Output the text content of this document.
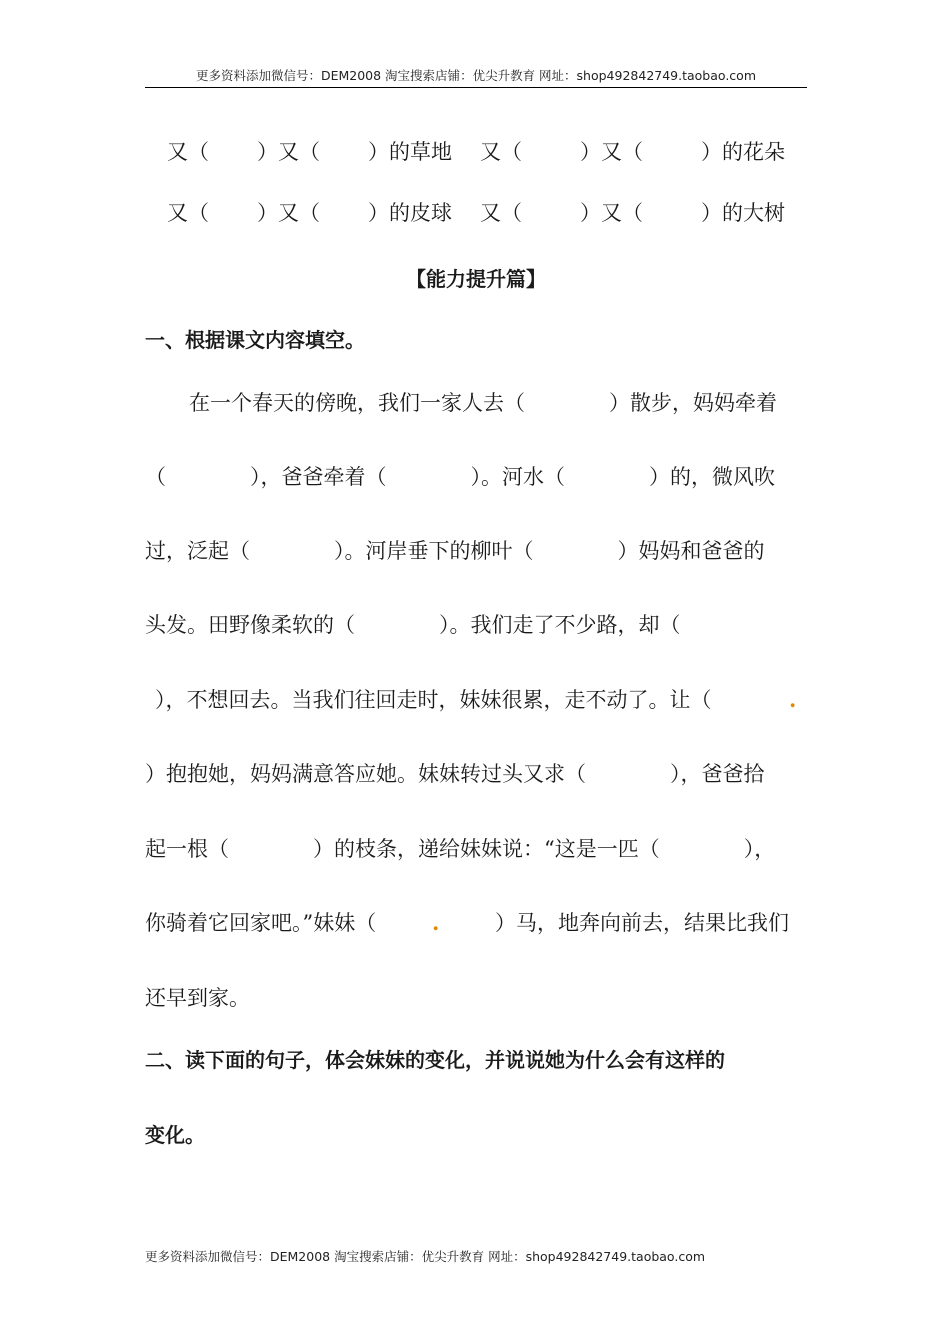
更多资料添加微信号：DEM2008 淘宝搜索店铺：优尖升教育 网址：shop492842749.taobao.com
又（ ）又（ ）的草地 又（	）又（	）的花朵
又（ ）又（ ）的皮球 又（	）又（	）的大树
【能力提升篇】
一、根据课文内容填空。
在一个春天的傍晚，我们一家人去（　　　　）散步，妈妈牵着
（　　　　），爸爸牵着（　　　　）。河水（　　　　）的，微风吹
过，泛起（　　　　）。河岸垂下的柳叶（　　　　）妈妈和爸爸的
头发。田野像柔软的（　　　　）。我们走了不少路，却（
），不想回去。当我们往回走时，妹妹很累，走不动了。让（	.
）抱抱她，妈妈满意答应她。妹妹转过头又求（　　　　），爸爸拾
起一根（　　　　）的枝条，递给妹妹说：“这是一匹（　　　　），
你骑着它回家吧。”妹妹（	.	）马，地奔向前去，结果比我们
还早到家。
二、读下面的句子，体会妹妹的变化，并说说她为什么会有这样的
变化。
更多资料添加微信号：DEM2008 淘宝搜索店铺：优尖升教育 网址：shop492842749.taobao.com
